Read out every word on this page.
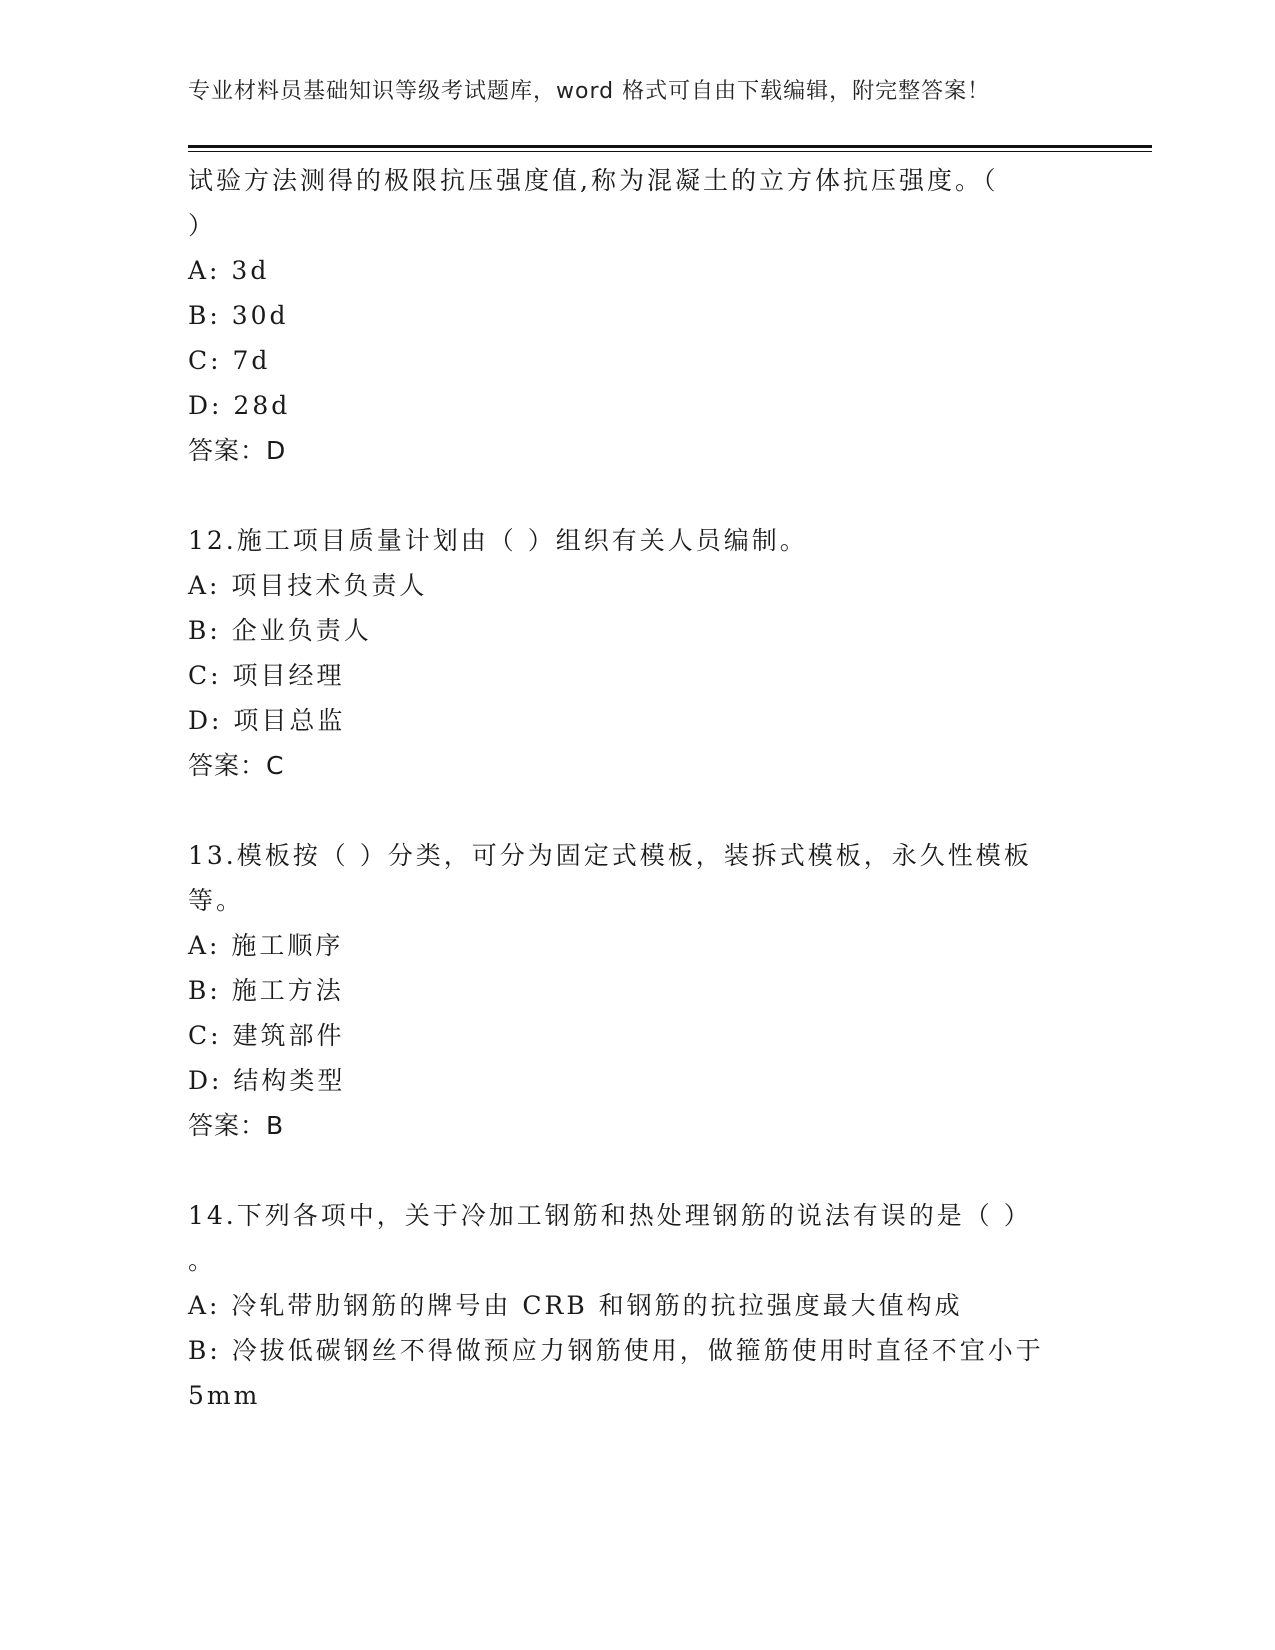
专业材料员基础知识等级考试题库，word 格式可自由下载编辑，附完整答案！
试验方法测得的极限抗压强度值,称为混凝土的立方体抗压强度。（
）
A: 3d
B: 30d
C: 7d
D: 28d
答案：D
12.施工项目质量计划由（ ）组织有关人员编制。
A: 项目技术负责人
B: 企业负责人
C: 项目经理
D: 项目总监
答案：C
13.模板按（ ）分类，可分为固定式模板，装拆式模板，永久性模板
等。
A: 施工顺序
B: 施工方法
C: 建筑部件
D: 结构类型
答案：B
14.下列各项中，关于冷加工钢筋和热处理钢筋的说法有误的是（ ）
。
A: 冷轧带肋钢筋的牌号由 CRB 和钢筋的抗拉强度最大值构成
B: 冷拔低碳钢丝不得做预应力钢筋使用，做箍筋使用时直径不宜小于
5mm
